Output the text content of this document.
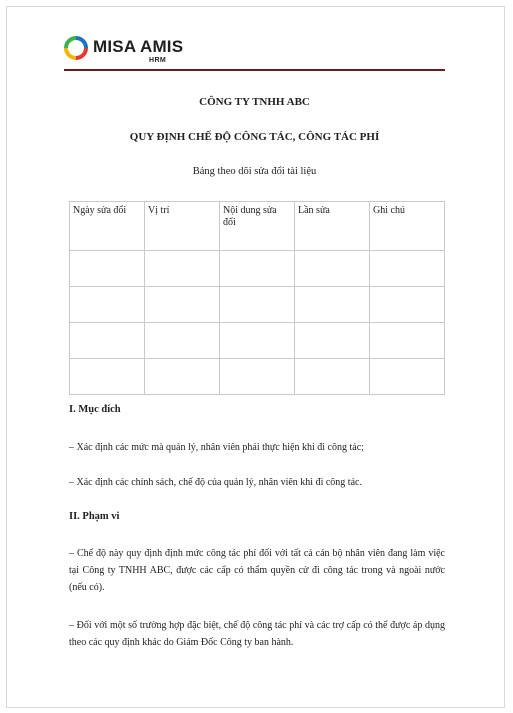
MISA AMIS
HRM
CÔNG TY TNHH ABC
QUY ĐỊNH CHẾ ĐỘ CÔNG TÁC, CÔNG TÁC PHÍ
Bảng theo dõi sửa đổi tài liệu
Ngày sửa đổi	Vị trí	Nội dung sửa đổi	Lần sửa	Ghi chú

I. Mục đích
– Xác định các mức mà quản lý, nhân viên phải thực hiện khi đi công tác;
– Xác định các chính sách, chế độ của quản lý, nhân viên khi đi công tác.
II. Phạm vi
– Chế độ này quy định định mức công tác phí đối với tất cả cán bộ nhân viên đang làm việc tại Công ty TNHH ABC, được các cấp có thẩm quyền cử đi công tác trong và ngoài nước (nếu có).
– Đối với một số trường hợp đặc biệt, chế độ công tác phí và các trợ cấp có thể được áp dụng theo các quy định khác do Giám Đốc Công ty ban hành.
